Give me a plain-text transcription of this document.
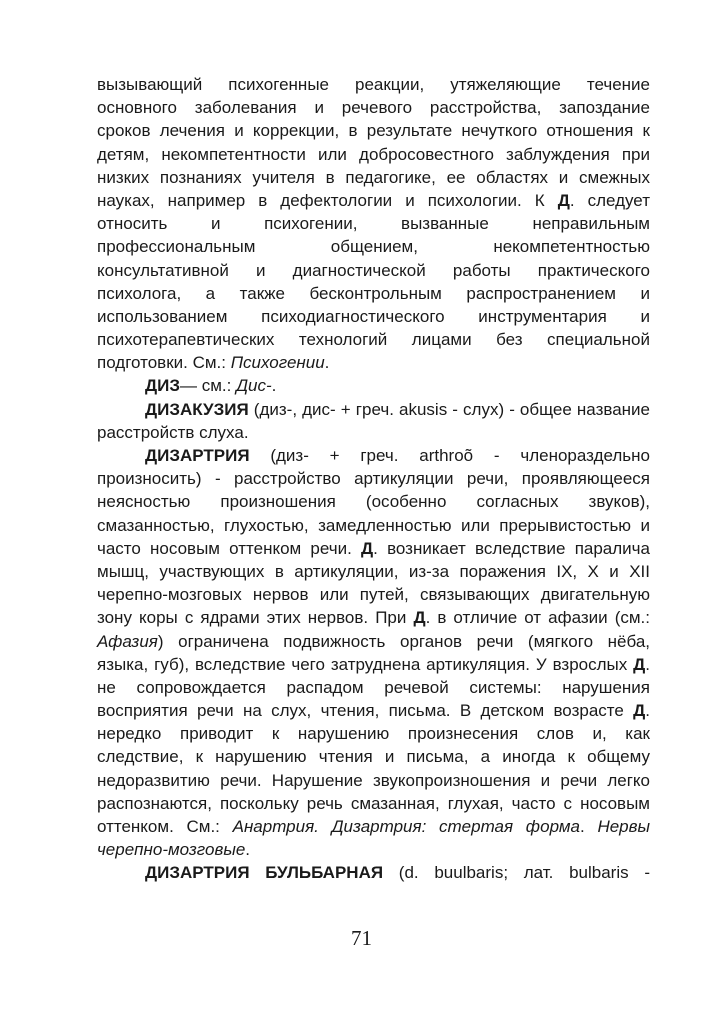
вызывающий психогенные реакции, утяжеляющие течение
основного заболевания и речевого расстройства, запоздание
сроков лечения и коррекции, в результате нечуткого отношения к
детям, некомпетентности или добросовестного заблуждения при
низких познаниях учителя в педагогике, ее областях и смежных
науках, например в дефектологии и психологии. К Д. следует
относить и психогении, вызванные неправильным
профессиональным общением, некомпетентностью
консультативной и диагностической работы практического
психолога, а также бесконтрольным распространением и
использованием психодиагностического инструментария и
психотерапевтических технологий лицами без специальной
подготовки. См.: Психогении.
ДИЗ— см.: Дис-.
ДИЗАКУЗИЯ (диз-, дис- + греч. akusis - слух) - общее название
расстройств слуха.
ДИЗАРТРИЯ (диз- + греч. arthroõ - членораздельно
произносить) - расстройство артикуляции речи, проявляющееся
неясностью произношения (особенно согласных звуков),
смазанностью, глухостью, замедленностью или прерывистостью и
часто носовым оттенком речи. Д. возникает вследствие паралича
мышц, участвующих в артикуляции, из-за поражения IX, X и XII
черепно-мозговых нервов или путей, связывающих двигательную
зону коры с ядрами этих нервов. При Д. в отличие от афазии (см.:
Афазия) ограничена подвижность органов речи (мягкого нёба,
языка, губ), вследствие чего затруднена артикуляция. У взрослых Д.
не сопровождается распадом речевой системы: нарушения
восприятия речи на слух, чтения, письма. В детском возрасте Д.
нередко приводит к нарушению произнесения слов и, как
следствие, к нарушению чтения и письма, а иногда к общему
недоразвитию речи. Нарушение звукопроизношения и речи легко
распознаются, поскольку речь смазанная, глухая, часто с носовым
оттенком. См.: Анартрия. Дизартрия: стертая форма. Нервы
черепно-мозговые.
ДИЗАРТРИЯ БУЛЬБАРНАЯ (d. buulbaris; лат. bulbaris -
71
